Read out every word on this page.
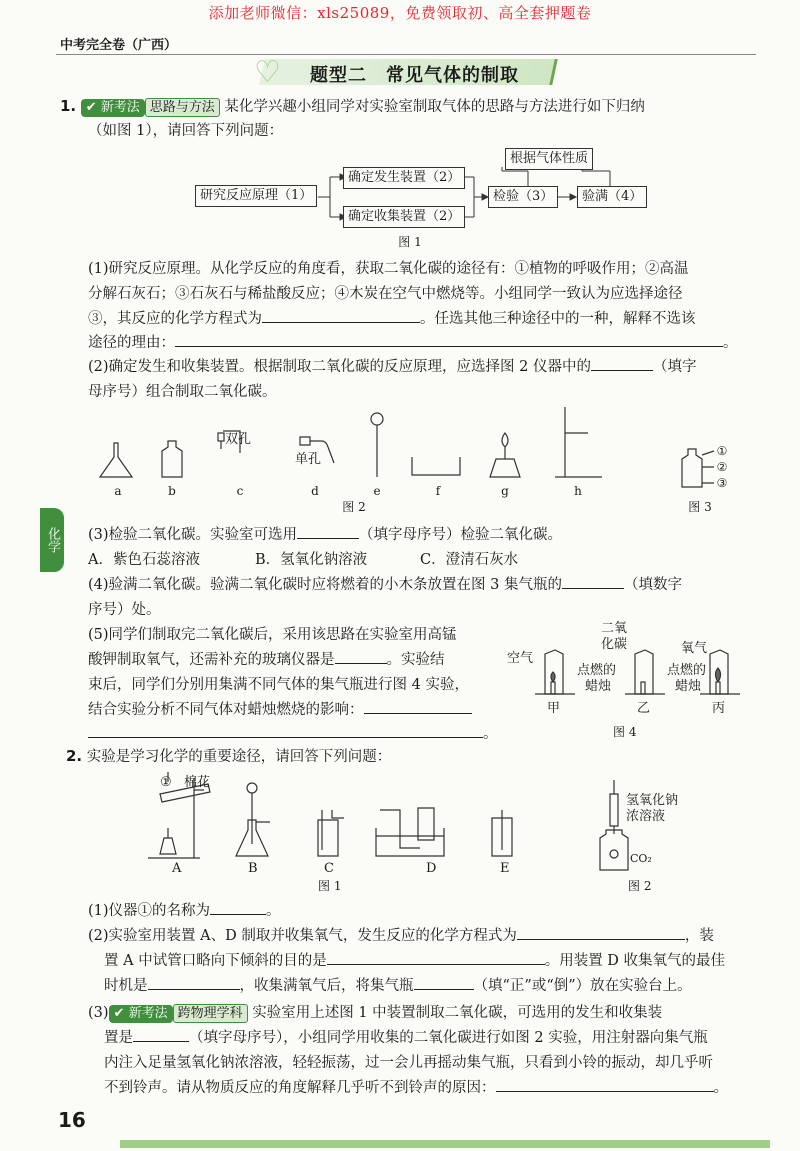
添加老师微信：xls25089，免费领取初、高全套押题卷
中考完全卷（广西）
♡ 题型二　常见气体的制取
1. ✔ 新考法 思路与方法 某化学兴趣小组同学对实验室制取气体的思路与方法进行如下归纳
（如图 1），请回答下列问题：
研究反应原理（1）
确定发生装置（2）
确定收集装置（2）
根据气体性质
检验（3）	验满（4）
图 1
(1)研究反应原理。从化学反应的角度看，获取二氧化碳的途径有：①植物的呼吸作用；②高温
分解石灰石；③石灰石与稀盐酸反应；④木炭在空气中燃烧等。小组同学一致认为应选择途径
③，其反应的化学方程式为	。任选其他三种途径中的一种，解释不选该
途径的理由：	。
(2)确定发生和收集装置。根据制取二氧化碳的反应原理，应选择图 2 仪器中的	（填字
母序号）组合制取二氧化碳。
a	b	c	d	e	f	g	h
双孔
单孔
图 2
①
②
③
图 3
化学 (3)检验二氧化碳。实验室可选用	（填字母序号）检验二氧化碳。
A．紫色石蕊溶液	B．氢氧化钠溶液	C．澄清石灰水
(4)验满二氧化碳。验满二氧化碳时应将燃着的小木条放置在图 3 集气瓶的	（填数字
序号）处。
(5)同学们制取完二氧化碳后，采用该思路在实验室用高锰
酸钾制取氧气，还需补充的玻璃仪器是	。实验结
束后，同学们分别用集满不同气体的集气瓶进行图 4 实验，
结合实验分析不同气体对蜡烛燃烧的影响：
。
空气
二氧
化碳	氧气
点燃的
蜡烛
点燃的
蜡烛
甲	乙	丙
图 4
2. 实验是学习化学的重要途径，请回答下列问题：
① 棉花
A	B	C	D	E
图 1
氢氧化钠
浓溶液
CO₂
图 2
(1)仪器①的名称为	。
(2)实验室用装置 A、D 制取并收集氧气，发生反应的化学方程式为	，装
置 A 中试管口略向下倾斜的目的是	。用装置 D 收集氧气的最佳
时机是	，收集满氧气后，将集气瓶	（填“正”或“倒”）放在实验台上。
(3) ✔ 新考法 跨物理学科 实验室用上述图 1 中装置制取二氧化碳，可选用的发生和收集装
置是	（填字母序号），小组同学用收集的二氧化碳进行如图 2 实验，用注射器向集气瓶
内注入足量氢氧化钠浓溶液，轻轻振荡，过一会儿再摇动集气瓶，只看到小铃的振动，却几乎听
不到铃声。请从物质反应的角度解释几乎听不到铃声的原因：	。
16
